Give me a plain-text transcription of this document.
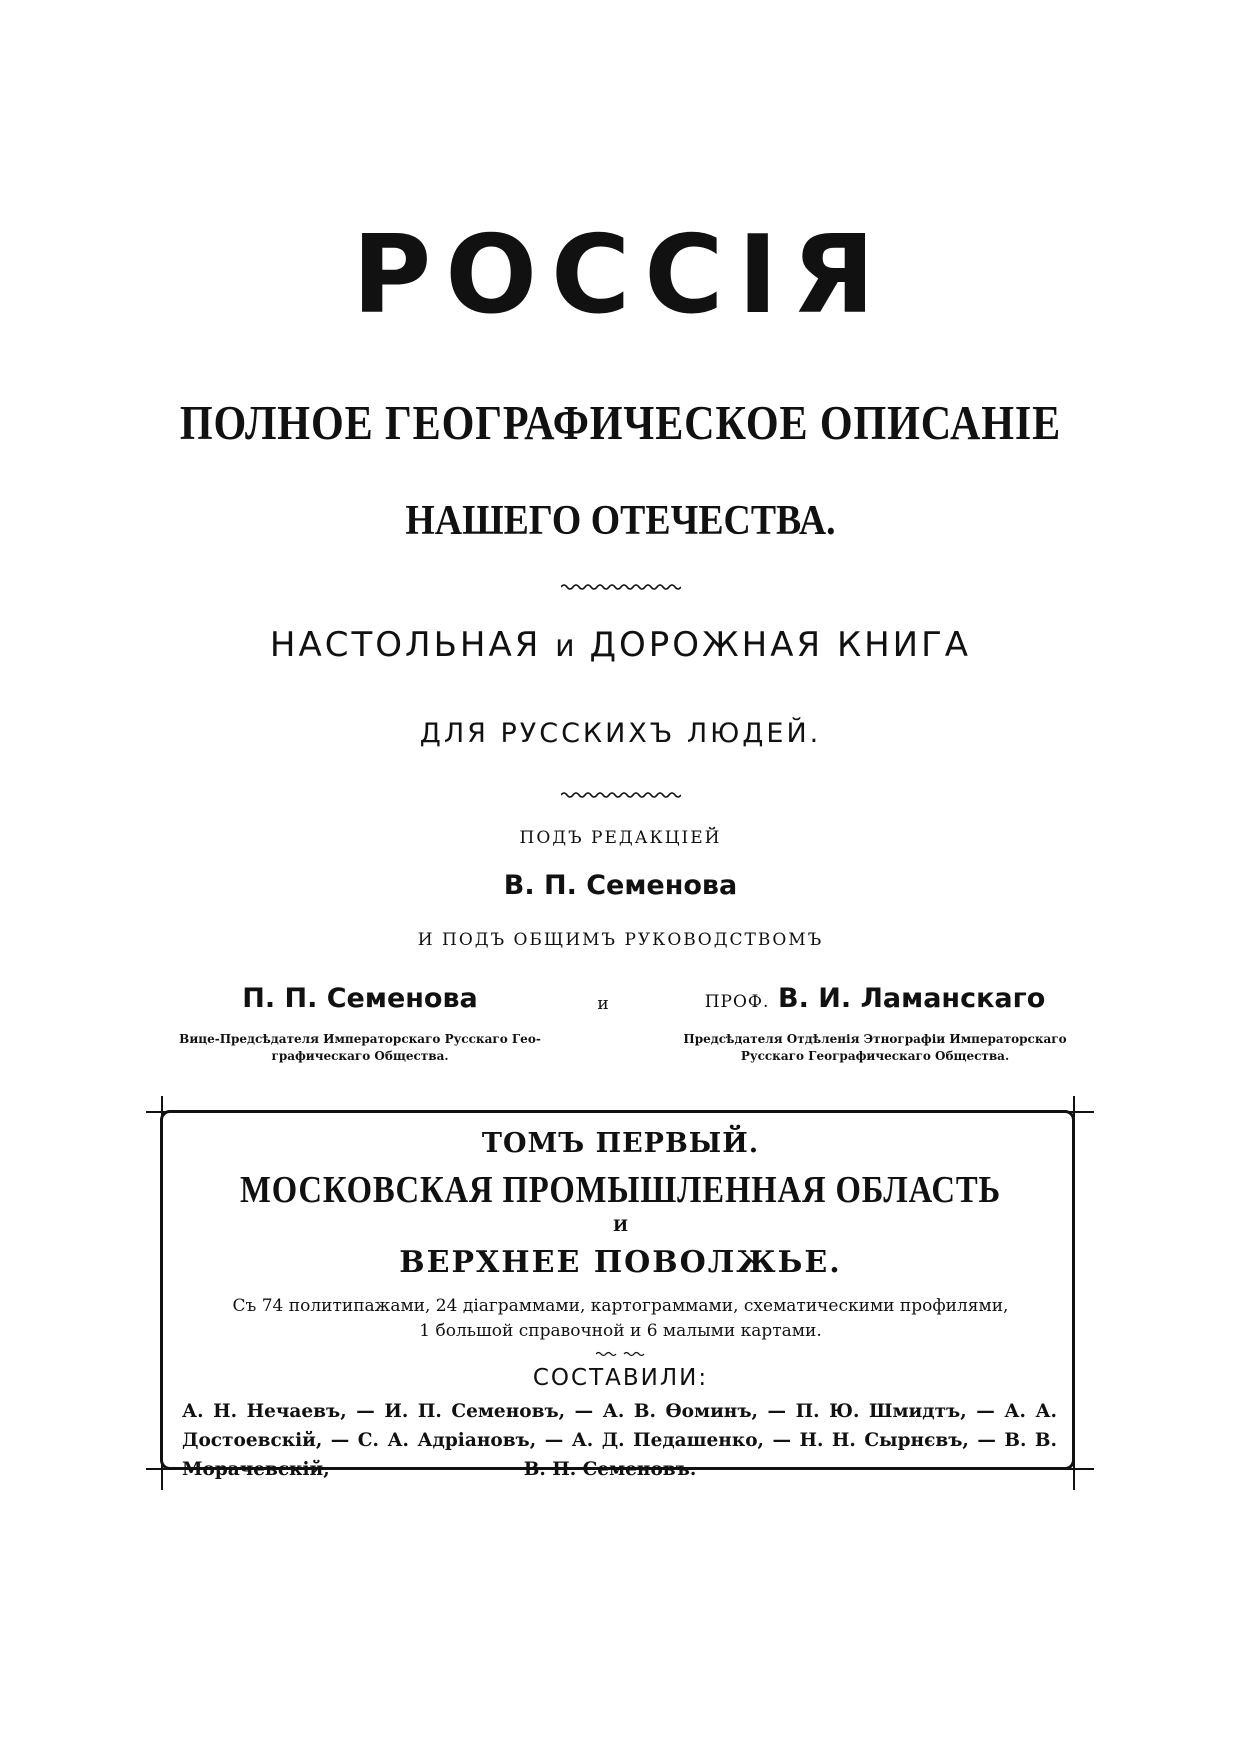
РОССІЯ
ПОЛНОЕ ГЕОГРАФИЧЕСКОЕ ОПИСАНІЕ
НАШЕГО ОТЕЧЕСТВА.
НАСТОЛЬНАЯ и ДОРОЖНАЯ КНИГА
ДЛЯ РУССКИХЪ ЛЮДЕЙ.
ПОДЪ РЕДАКЦІЕЙ
В. П. Семенова
И ПОДЪ ОБЩИМЪ РУКОВОДСТВОМЪ
П. П. Семенова	и	ПРОФ. В. И. Ламанскаго
Вице-Предсѣдателя Императорскаго Русскаго Гео-
графическаго Общества.
Предсѣдателя Отдѣленія Этнографіи Императорскаго
Русскаго Географическаго Общества.
ТОМЪ ПЕРВЫЙ.
МОСКОВСКАЯ ПРОМЫШЛЕННАЯ ОБЛАСТЬ
И
ВЕРХНЕЕ ПОВОЛЖЬЕ.
Съ 74 политипажами, 24 діаграммами, картограммами, схематическими профилями,
1 большой справочной и 6 малыми картами.
СОСТАВИЛИ:
А. Н. Нечаевъ, — И. П. Семеновъ, — А. В. Ѳоминъ, — П. Ю. Шмидтъ, — А. А. Достоевскій, — С. А. Адріановъ, — А. Д. Педашенко, — Н. Н. Сырнєвъ, — В. В. Морачевскій,	В. П. Семеновъ.
